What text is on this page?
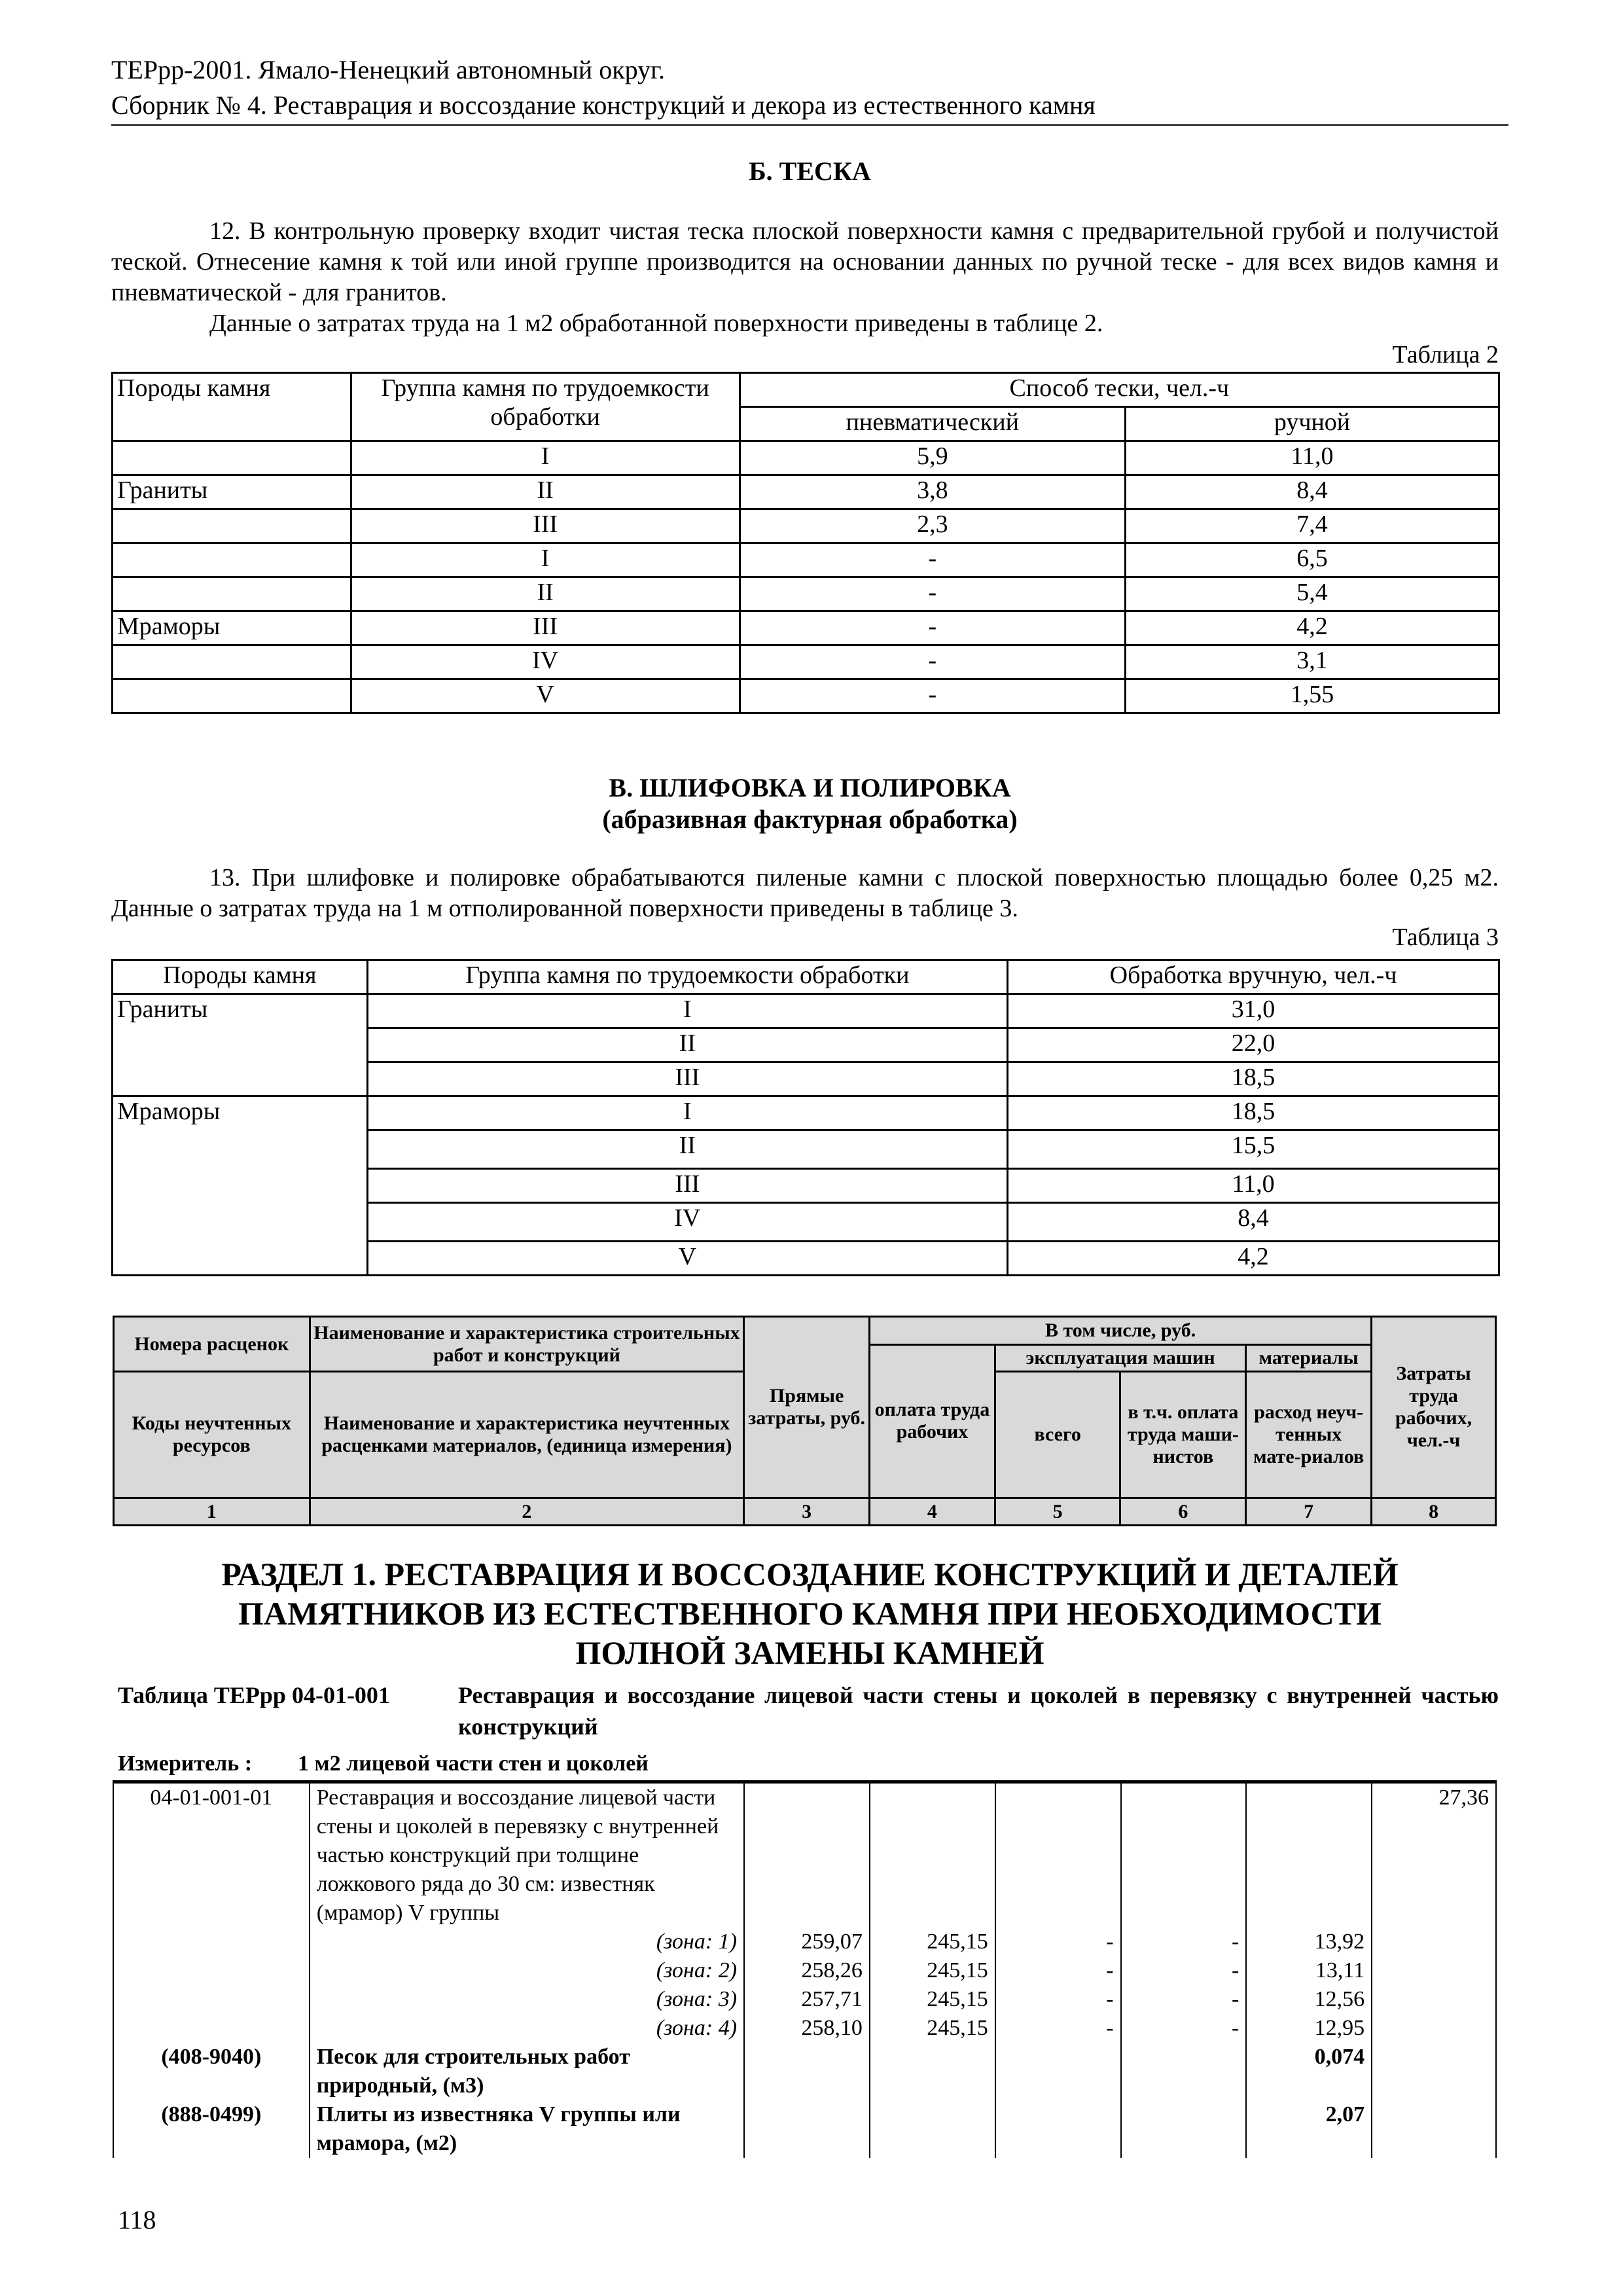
ТЕРрр-2001. Ямало-Ненецкий автономный округ.
Сборник № 4. Реставрация и воссоздание конструкций и декора из естественного камня
Б. ТЕСКА

12. В контрольную проверку входит чистая теска плоской поверхности камня с предварительной грубой и получистой теской. Отнесение камня к той или иной группе производится на основании данных по ручной теске - для всех видов камня и пневматической - для гранитов.

Данные о затратах труда на 1 м2 обработанной поверхности приведены в таблице 2.

Таблица 2
Породы камня	Группа камня по трудоемкости обработки	Способ тески, чел.-ч	
		пневматический	ручной
	I	5,9	11,0
Граниты	II	3,8	8,4
	III	2,3	7,4
	I	-	6,5
	II	-	5,4
Мраморы	III	-	4,2
	IV	-	3,1
	V	-	1,55
В. ШЛИФОВКА И ПОЛИРОВКА
(абразивная фактурная обработка)

13. При шлифовке и полировке обрабатываются пиленые камни с плоской поверхностью площадью более 0,25 м2. Данные о затратах труда на 1 м отполированной поверхности приведены в таблице 3.

Таблица 3
Породы камня	Группа камня по трудоемкости обработки	Обработка вручную, чел.-ч
Граниты	I	31,0
	II	22,0
	III	18,5
Мраморы	I	18,5
	II	15,5
	III	11,0
	IV	8,4
	V	4,2
Номера расценок	Наименование и характеристика строительных работ и конструкций	Прямые затраты, руб.	В том числе, руб.				Затраты труда рабочих, чел.-ч
			оплата труда рабочих	эксплуатация машин		материалы	
Коды неучтенных ресурсов	Наименование и характеристика неучтенных расценками материалов, (единица измерения)			всего	в т.ч. оплата труда маши-нистов	расход неуч-тенных мате-риалов	
1	2	3	4	5	6	7	8
РАЗДЕЛ 1. РЕСТАВРАЦИЯ И ВОССОЗДАНИЕ КОНСТРУКЦИЙ И ДЕТАЛЕЙ ПАМЯТНИКОВ ИЗ ЕСТЕСТВЕННОГО КАМНЯ ПРИ НЕОБХОДИМОСТИ ПОЛНОЙ ЗАМЕНЫ КАМНЕЙ
Таблица ТЕРрр 04-01-001	Реставрация и воссоздание лицевой части стены и цоколей в перевязку с внутренней частью конструкций
Измеритель : 1 м2 лицевой части стен и цоколей
04-01-001-01	Реставрация и воссоздание лицевой части стены и цоколей в перевязку с внутренней частью конструкций при толщине ложкового ряда до 30 см: известняк (мрамор) V группы						27,36
	(зона: 1)	259,07	245,15	-	-	13,92	
	(зона: 2)	258,26	245,15	-	-	13,11	
	(зона: 3)	257,71	245,15	-	-	12,56	
	(зона: 4)	258,10	245,15	-	-	12,95	
(408-9040)	Песок для строительных работ природный, (м3)					0,074	
(888-0499)	Плиты из известняка V группы или мрамора, (м2)					2,07	
118
